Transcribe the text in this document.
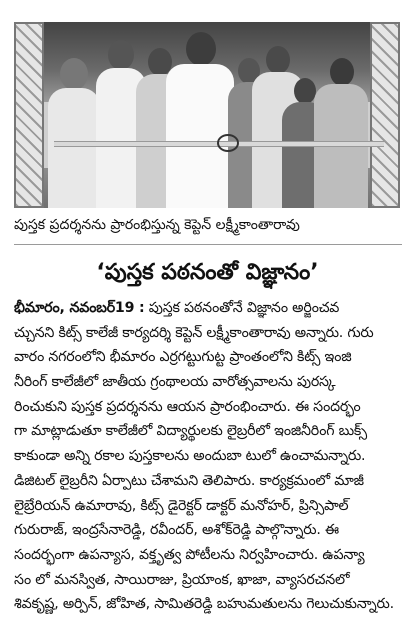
పుస్తక ప్రదర్శనను ప్రారంభిస్తున్న కెప్టెన్ లక్ష్మీకాంతారావు
‘పుస్తక పఠనంతో విజ్ఞానం’
భీమారం, నవంబర్19 : పుస్తక పఠనంతోనే విజ్ఞానం అర్జించవ
చ్చునని కిట్స్ కాలేజీ కార్యదర్శి కెప్టెన్ లక్ష్మీకాంతారావు అన్నారు. గురు
వారం నగరంలోని భీమారం ఎర్రగట్టుగుట్ట ప్రాంతంలోని కిట్స్ ఇంజి
నీరింగ్ కాలేజీలో జాతీయ గ్రంథాలయ వారోత్సవాలను పురస్క
రించుకుని పుస్తక ప్రదర్శనను ఆయన ప్రారంభించారు. ఈ సందర్భం
గా మాట్లాడుతూ కాలేజీలో విద్యార్థులకు లైబ్రరీలో ఇంజినీరింగ్ బుక్స్
కాకుండా అన్ని రకాల పుస్తకాలను అందుబా టులో ఉంచామన్నారు.
డిజిటల్ లైబ్రరీని ఏర్పాటు చేశామని తెలిపారు. కార్యక్రమంలో మాజీ
లైబ్రేరియన్ ఉమారావు, కిట్స్ డైరెక్టర్ డాక్టర్ మనోహర్, ప్రిన్సిపాల్
గురురాజ్, ఇంద్రసేనారెడ్డి, రవీందర్, అశోక్‌రెడ్డి పాల్గొన్నారు. ఈ
సందర్భంగా ఉపన్యాస, వక్తృత్వ పోటీలను నిర్వహించారు. ఉపన్యా
సం లో మనస్విత, సాయిరాజు, ప్రియాంక, ఖాజా, వ్యాసరచనలో
శివకృష్ణ, అర్పిన్, జోహిత, సామితరెడ్డి బహుమతులను గెలుచుకున్నారు.
